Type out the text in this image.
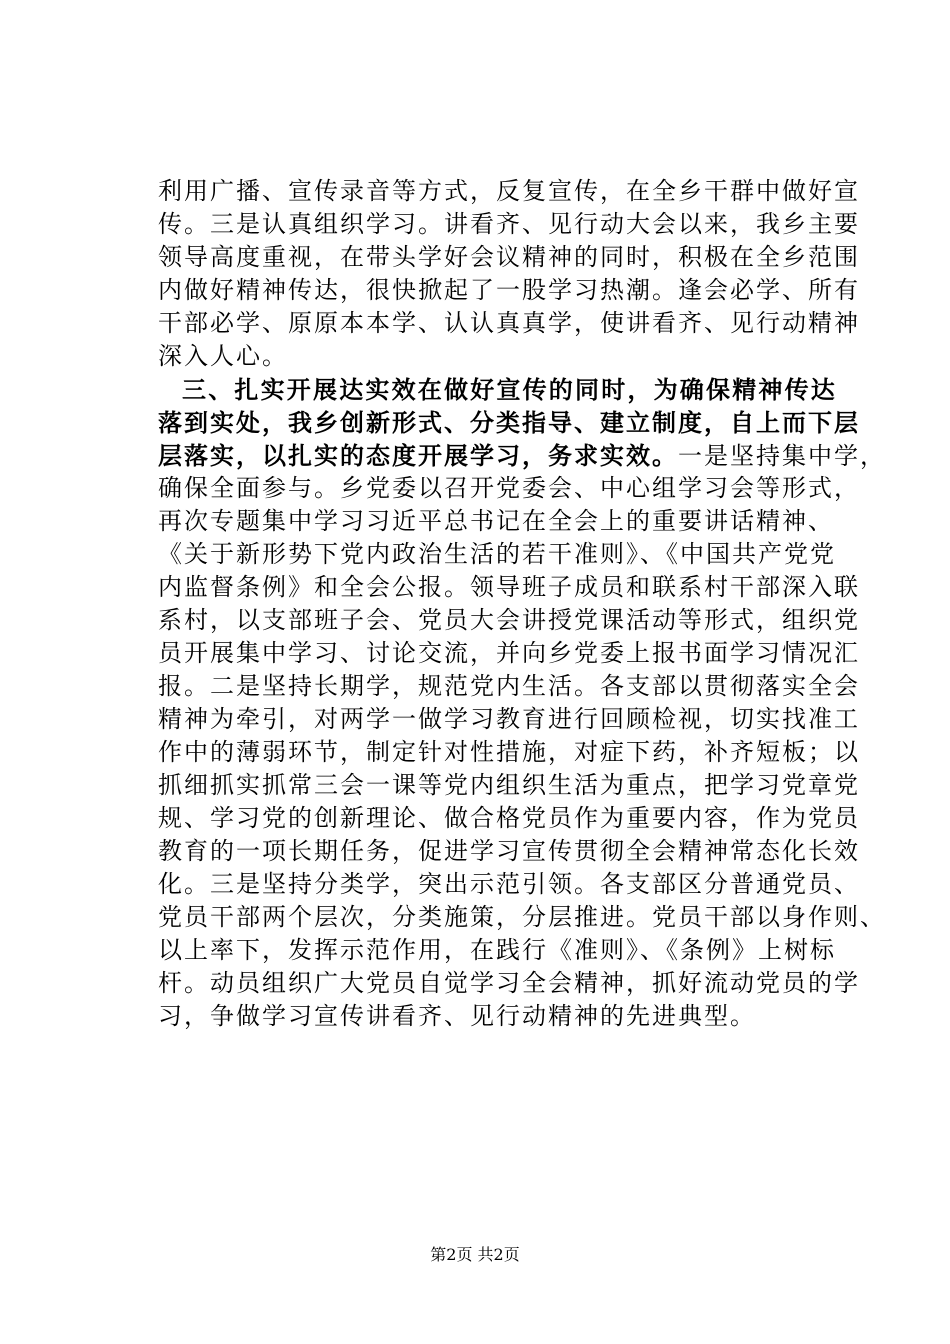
利用广播、宣传录音等方式，反复宣传，在全乡干群中做好宣
传。三是认真组织学习。讲看齐、见行动大会以来，我乡主要
领导高度重视，在带头学好会议精神的同时，积极在全乡范围
内做好精神传达，很快掀起了一股学习热潮。逢会必学、所有
干部必学、原原本本学、认认真真学，使讲看齐、见行动精神
深入人心。
三、扎实开展达实效在做好宣传的同时，为确保精神传达
落到实处，我乡创新形式、分类指导、建立制度，自上而下层
层落实，以扎实的态度开展学习，务求实效。一是坚持集中学，
确保全面参与。乡党委以召开党委会、中心组学习会等形式，
再次专题集中学习习近平总书记在全会上的重要讲话精神、
《关于新形势下党内政治生活的若干准则》、《中国共产党党
内监督条例》和全会公报。领导班子成员和联系村干部深入联
系村，以支部班子会、党员大会讲授党课活动等形式，组织党
员开展集中学习、讨论交流，并向乡党委上报书面学习情况汇
报。二是坚持长期学，规范党内生活。各支部以贯彻落实全会
精神为牵引，对两学一做学习教育进行回顾检视，切实找准工
作中的薄弱环节，制定针对性措施，对症下药，补齐短板；以
抓细抓实抓常三会一课等党内组织生活为重点，把学习党章党
规、学习党的创新理论、做合格党员作为重要内容，作为党员
教育的一项长期任务，促进学习宣传贯彻全会精神常态化长效
化。三是坚持分类学，突出示范引领。各支部区分普通党员、
党员干部两个层次，分类施策，分层推进。党员干部以身作则、
以上率下，发挥示范作用，在践行《准则》、《条例》上树标
杆。动员组织广大党员自觉学习全会精神，抓好流动党员的学
习，争做学习宣传讲看齐、见行动精神的先进典型。
第2页 共2页
